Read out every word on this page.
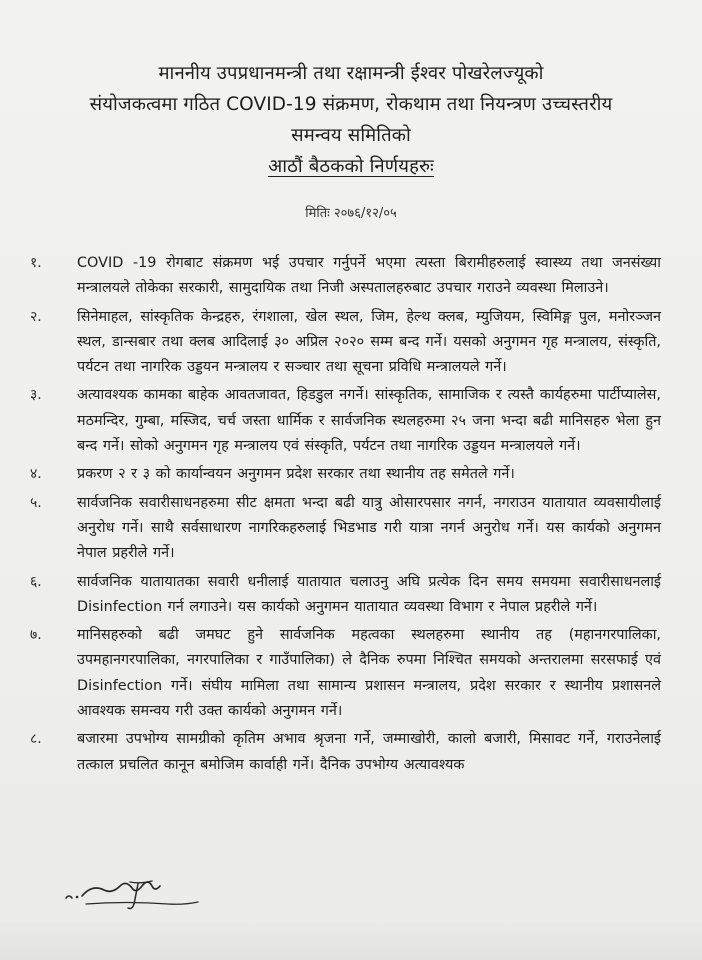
माननीय उपप्रधानमन्त्री तथा रक्षामन्त्री ईश्वर पोखरेलज्यूको
संयोजकत्वमा गठित COVID-19 संक्रमण, रोकथाम तथा नियन्त्रण उच्चस्तरीय
समन्वय समितिको
आठौं बैठकको निर्णयहरुः
मितिः २०७६/१२/०५
१. COVID -19 रोगबाट संक्रमण भई उपचार गर्नुपर्ने भएमा त्यस्ता बिरामीहरुलाई स्वास्थ्य तथा जनसंख्या मन्त्रालयले तोकेका सरकारी, सामुदायिक तथा निजी अस्पतालहरुबाट उपचार गराउने व्यवस्था मिलाउने।
२. सिनेमाहल, सांस्कृतिक केन्द्रहरु, रंगशाला, खेल स्थल, जिम, हेल्थ क्लब, म्युजियम, स्विमिङ्ग पुल, मनोरञ्जन स्थल, डान्सबार तथा क्लब आदिलाई ३० अप्रिल २०२० सम्म बन्द गर्ने। यसको अनुगमन गृह मन्त्रालय, संस्कृति, पर्यटन तथा नागरिक उड्डयन मन्त्रालय र सञ्चार तथा सूचना प्रविधि मन्त्रालयले गर्ने।
३. अत्यावश्यक कामका बाहेक आवतजावत, हिडडुल नगर्ने। सांस्कृतिक, सामाजिक र त्यस्तै कार्यहरुमा पार्टीप्यालेस, मठमन्दिर, गुम्बा, मस्जिद, चर्च जस्ता धार्मिक र सार्वजनिक स्थलहरुमा २५ जना भन्दा बढी मानिसहरु भेला हुन बन्द गर्ने। सोको अनुगमन गृह मन्त्रालय एवं संस्कृति, पर्यटन तथा नागरिक उड्डयन मन्त्रालयले गर्ने।
४. प्रकरण २ र ३ को कार्यान्वयन अनुगमन प्रदेश सरकार तथा स्थानीय तह समेतले गर्ने।
५. सार्वजनिक सवारीसाधनहरुमा सीट क्षमता भन्दा बढी यात्रु ओसारपसार नगर्न, नगराउन यातायात व्यवसायीलाई अनुरोध गर्ने। साथै सर्वसाधारण नागरिकहरुलाई भिडभाड गरी यात्रा नगर्न अनुरोध गर्ने। यस कार्यको अनुगमन नेपाल प्रहरीले गर्ने।
६. सार्वजनिक यातायातका सवारी धनीलाई यातायात चलाउनु अघि प्रत्येक दिन समय समयमा सवारीसाधनलाई Disinfection गर्न लगाउने। यस कार्यको अनुगमन यातायात व्यवस्था विभाग र नेपाल प्रहरीले गर्ने।
७. मानिसहरुको बढी जमघट हुने सार्वजनिक महत्वका स्थलहरुमा स्थानीय तह (महानगरपालिका, उपमहानगरपालिका, नगरपालिका र गाउँपालिका) ले दैनिक रुपमा निश्चित समयको अन्तरालमा सरसफाई एवं Disinfection गर्ने। संघीय मामिला तथा सामान्य प्रशासन मन्त्रालय, प्रदेश सरकार र स्थानीय प्रशासनले आवश्यक समन्वय गरी उक्त कार्यको अनुगमन गर्ने।
८. बजारमा उपभोग्य सामग्रीको कृतिम अभाव श्रृजना गर्ने, जम्माखोरी, कालो बजारी, मिसावट गर्ने, गराउनेलाई तत्काल प्रचलित कानून बमोजिम कार्वाही गर्ने। दैनिक उपभोग्य अत्यावश्यक
